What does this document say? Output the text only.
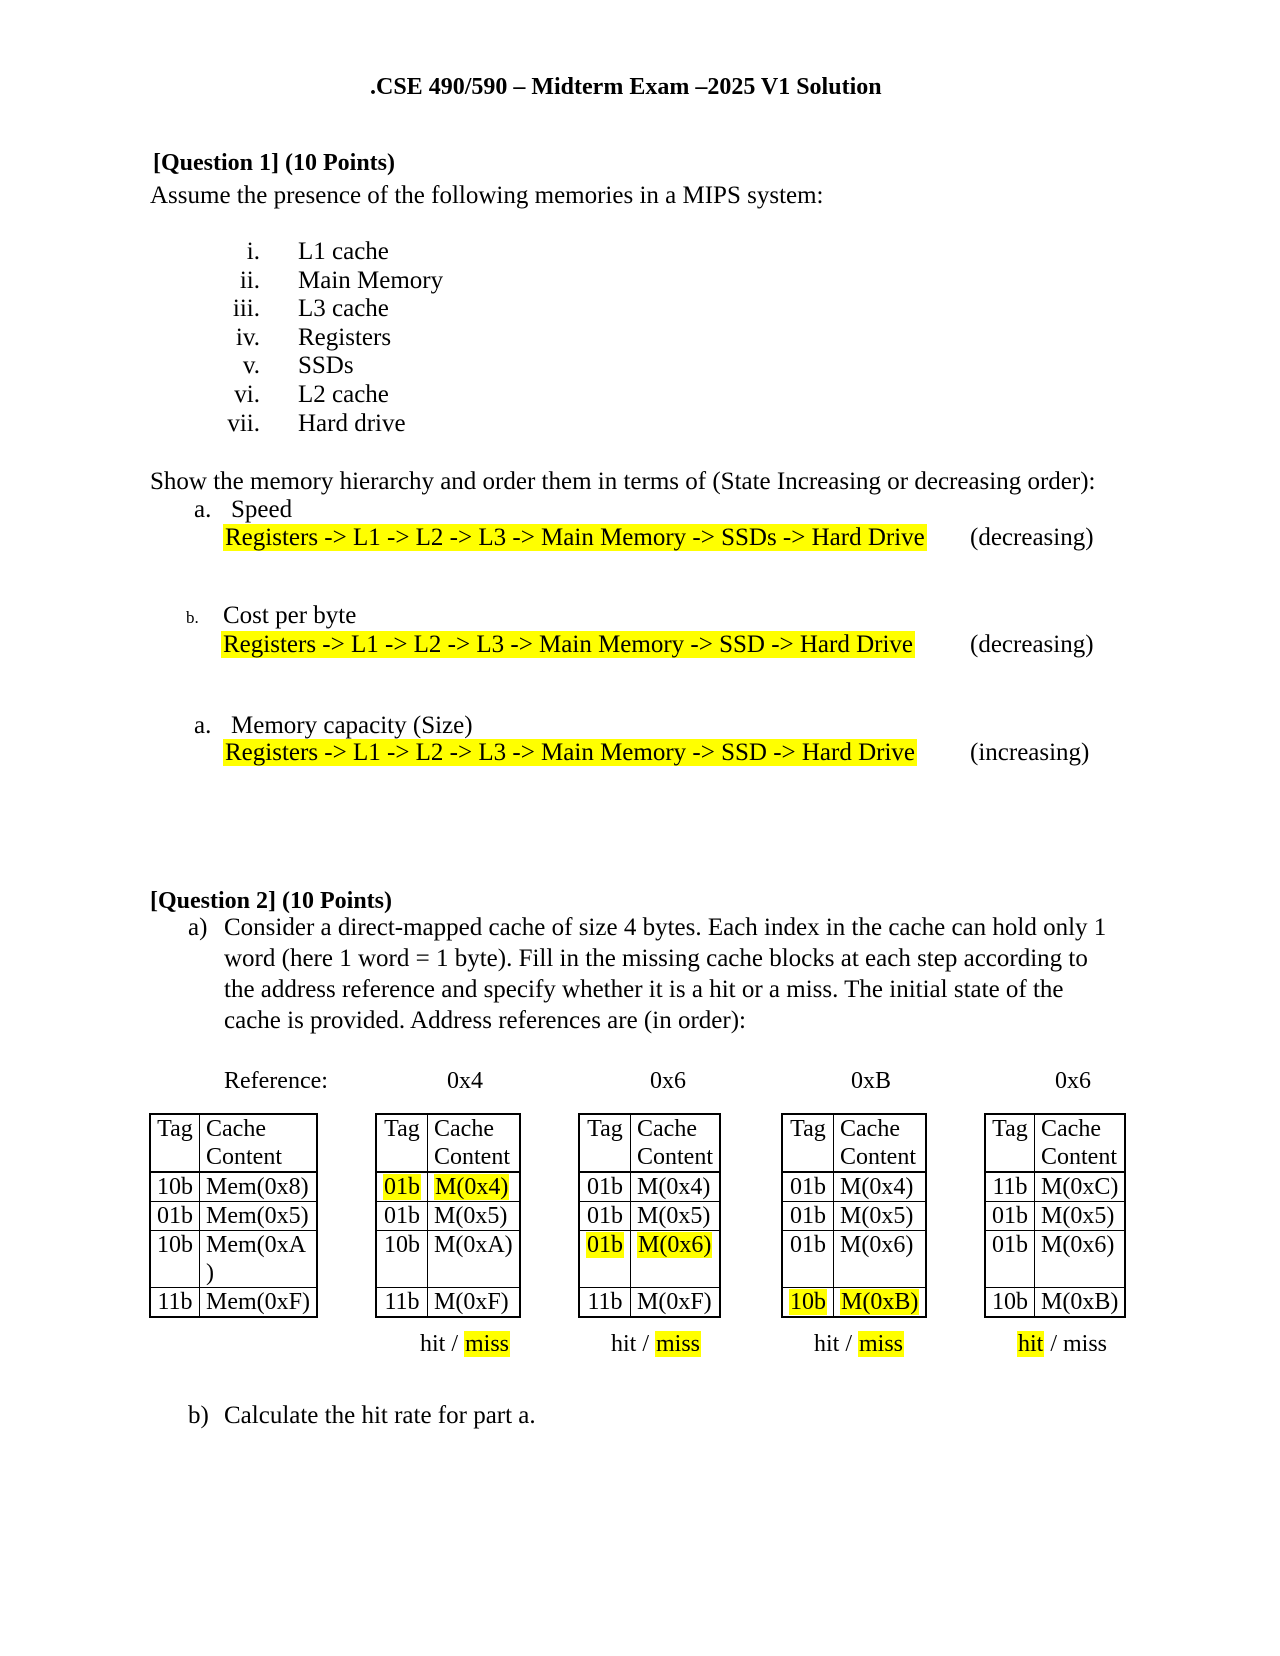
.CSE 490/590 – Midterm Exam –2025 V1 Solution
[Question 1] (10 Points)
Assume the presence of the following memories in a MIPS system:
i. L1 cache
ii. Main Memory
iii. L3 cache
iv. Registers
v. SSDs
vi. L2 cache
vii. Hard drive
Show the memory hierarchy and order them in terms of (State Increasing or decreasing order):
a. Speed
Registers -> L1 -> L2 -> L3 -> Main Memory -> SSDs -> Hard Drive (decreasing)
b. Cost per byte
Registers -> L1 -> L2 -> L3 -> Main Memory -> SSD -> Hard Drive (decreasing)
a. Memory capacity (Size)
Registers -> L1 -> L2 -> L3 -> Main Memory -> SSD -> Hard Drive (increasing)
[Question 2] (10 Points)
a) Consider a direct-mapped cache of size 4 bytes. Each index in the cache can hold only 1
word (here 1 word = 1 byte). Fill in the missing cache blocks at each step according to
the address reference and specify whether it is a hit or a miss. The initial state of the
cache is provided. Address references are (in order):
Reference:	0x4	0x6	0xB	0x6
Tag	Cache
Content

10b	Mem(0x8)

01b	Mem(0x5)

10b	Mem(0xA
)

11b	Mem(0xF)
Tag	Cache
Content

01b	M(0x4)
01b	M(0x5)

10b	M(0xA)

11b	M(0xF)
hit / miss
Tag	Cache
Content

01b	M(0x4)

01b	M(0x5)

01b	M(0x6)
11b	M(0xF)
hit / miss
Tag	Cache
Content

01b	M(0x4)

01b	M(0x5)

01b	M(0x6)

10b	M(0xB)
hit / miss
Tag	Cache
Content

11b	M(0xC)

01b	M(0x5)

01b	M(0x6)

10b	M(0xB)
hit / miss
b) Calculate the hit rate for part a.
